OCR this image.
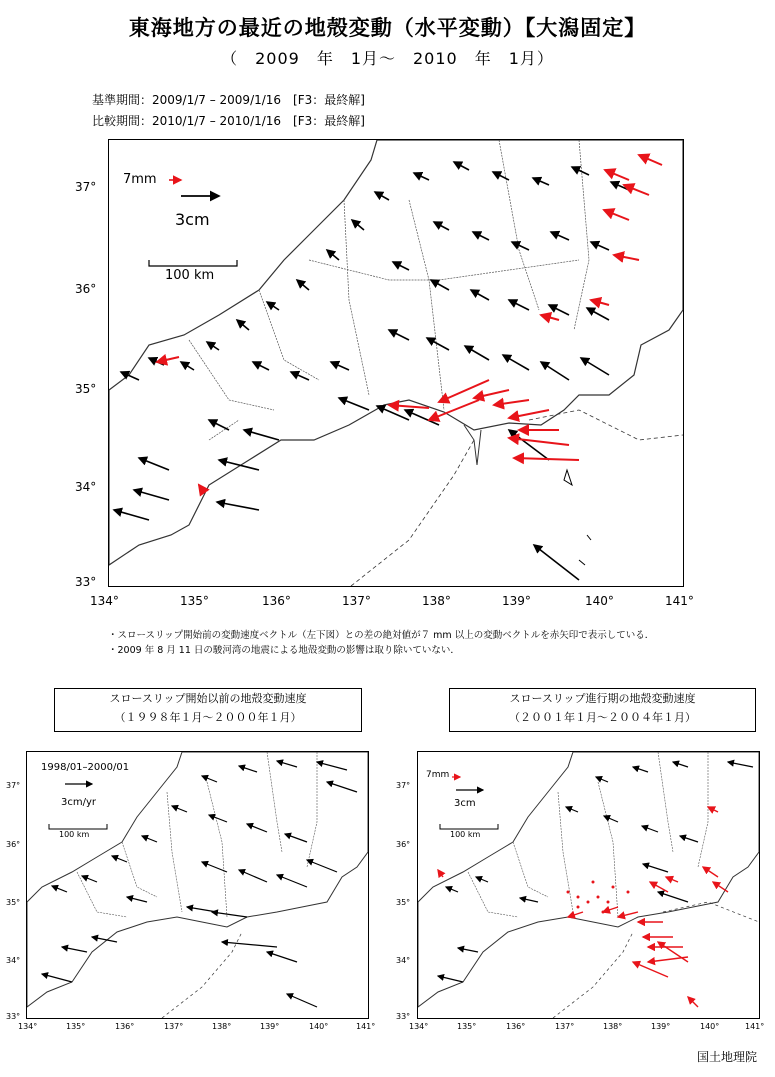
東海地方の最近の地殻変動（水平変動）【大潟固定】
（　2009　年　1月〜　2010　年　1月）
基準期間：2009/1/7 – 2009/1/16　[F3：最終解]
比較期間：2010/1/7 – 2010/1/16　[F3：最終解]
7mm
3cm
100 km
134°	135°	136°	137°	138°	139°	140°	141°
37°
36°
35°
34°
33°
・スロースリップ開始前の変動速度ベクトル（左下図）との差の絶対値が７ mm 以上の変動ベクトルを赤矢印で表示している．
・2009 年 8 月 11 日の駿河湾の地震による地殻変動の影響は取り除いていない．
スロースリップ開始以前の地殻変動速度
（１９９８年１月〜２０００年１月）
スロースリップ進行期の地殻変動速度
（２００１年１月〜２００４年１月）
1998/01–2000/01
3cm/yr
100 km
134°	135°	136°	137°	138°	139°	140°	141°
37°
36°
35°
34°
33°
7mm
3cm
100 km
134°	135°	136°	137°	138°	139°	140°	141°
37°
36°
35°
34°
33°
国土地理院
